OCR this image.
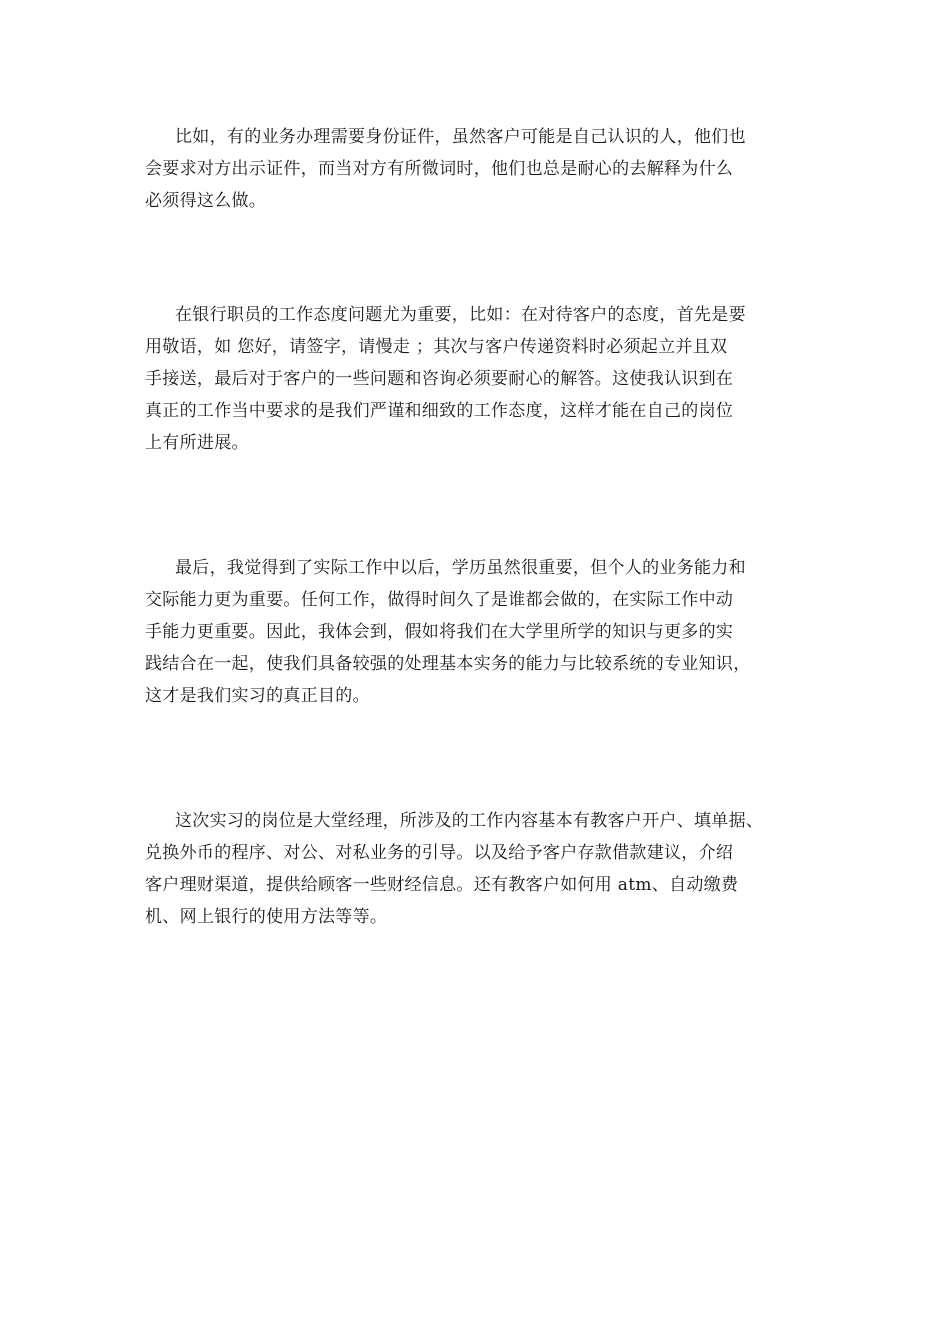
比如，有的业务办理需要身份证件，虽然客户可能是自己认识的人，他们也
会要求对方出示证件，而当对方有所微词时，他们也总是耐心的去解释为什么
必须得这么做。
在银行职员的工作态度问题尤为重要，比如：在对待客户的态度，首先是要
用敬语，如 您好，请签字，请慢走 ；其次与客户传递资料时必须起立并且双
手接送，最后对于客户的一些问题和咨询必须要耐心的解答。这使我认识到在
真正的工作当中要求的是我们严谨和细致的工作态度，这样才能在自己的岗位
上有所进展。
最后，我觉得到了实际工作中以后，学历虽然很重要，但个人的业务能力和
交际能力更为重要。任何工作，做得时间久了是谁都会做的，在实际工作中动
手能力更重要。因此，我体会到，假如将我们在大学里所学的知识与更多的实
践结合在一起，使我们具备较强的处理基本实务的能力与比较系统的专业知识，
这才是我们实习的真正目的。
这次实习的岗位是大堂经理，所涉及的工作内容基本有教客户开户、填单据、
兑换外币的程序、对公、对私业务的引导。以及给予客户存款借款建议，介绍
客户理财渠道，提供给顾客一些财经信息。还有教客户如何用 atm、自动缴费
机、网上银行的使用方法等等。
